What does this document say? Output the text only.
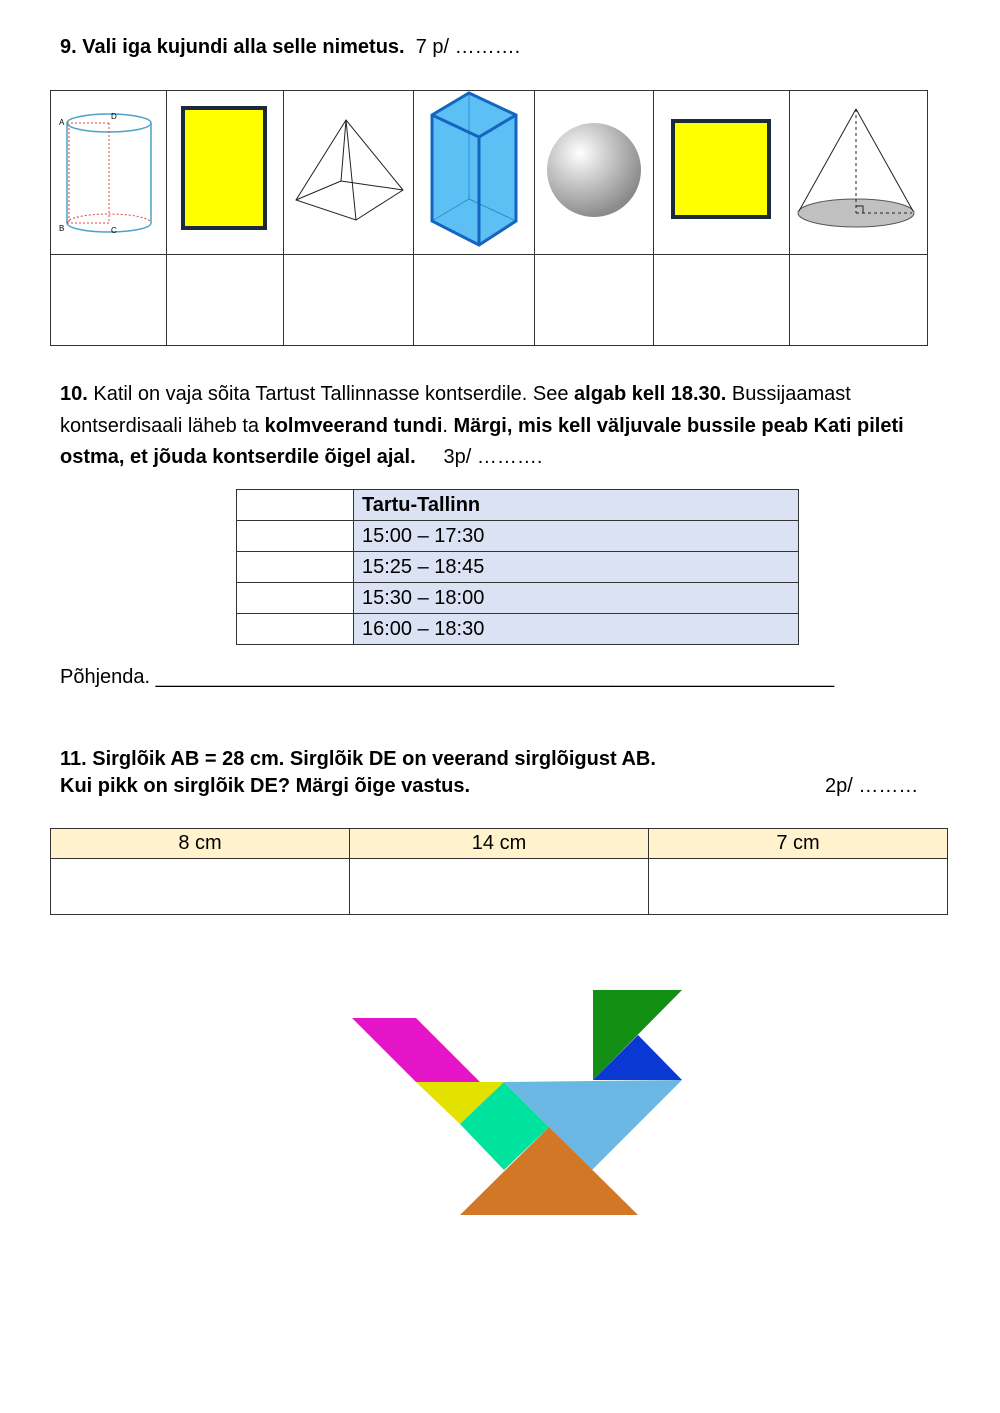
9. Vali iga kujundi alla selle nimetus. 7 p/ ……….
A
D
B C

10. Katil on vaja sõita Tartust Tallinnasse kontserdile. See algab kell 18.30. Bussijaamast kontserdisaali läheb ta kolmveerand tundi. Märgi, mis kell väljuvale bussile peab Kati pileti ostma, et jõuda kontserdile õigel ajal. 3p/ ……….
	Tartu-Tallinn
	15:00 – 17:30
	15:25 – 18:45
	15:30 – 18:00
	16:00 – 18:30
Põhjenda. _____________________________________________________________
11. Sirglõik AB = 28 cm. Sirglõik DE on veerand sirglõigust AB.
Kui pikk on sirglõik DE? Märgi õige vastus.	2p/ ………
8 cm	14 cm	7 cm
